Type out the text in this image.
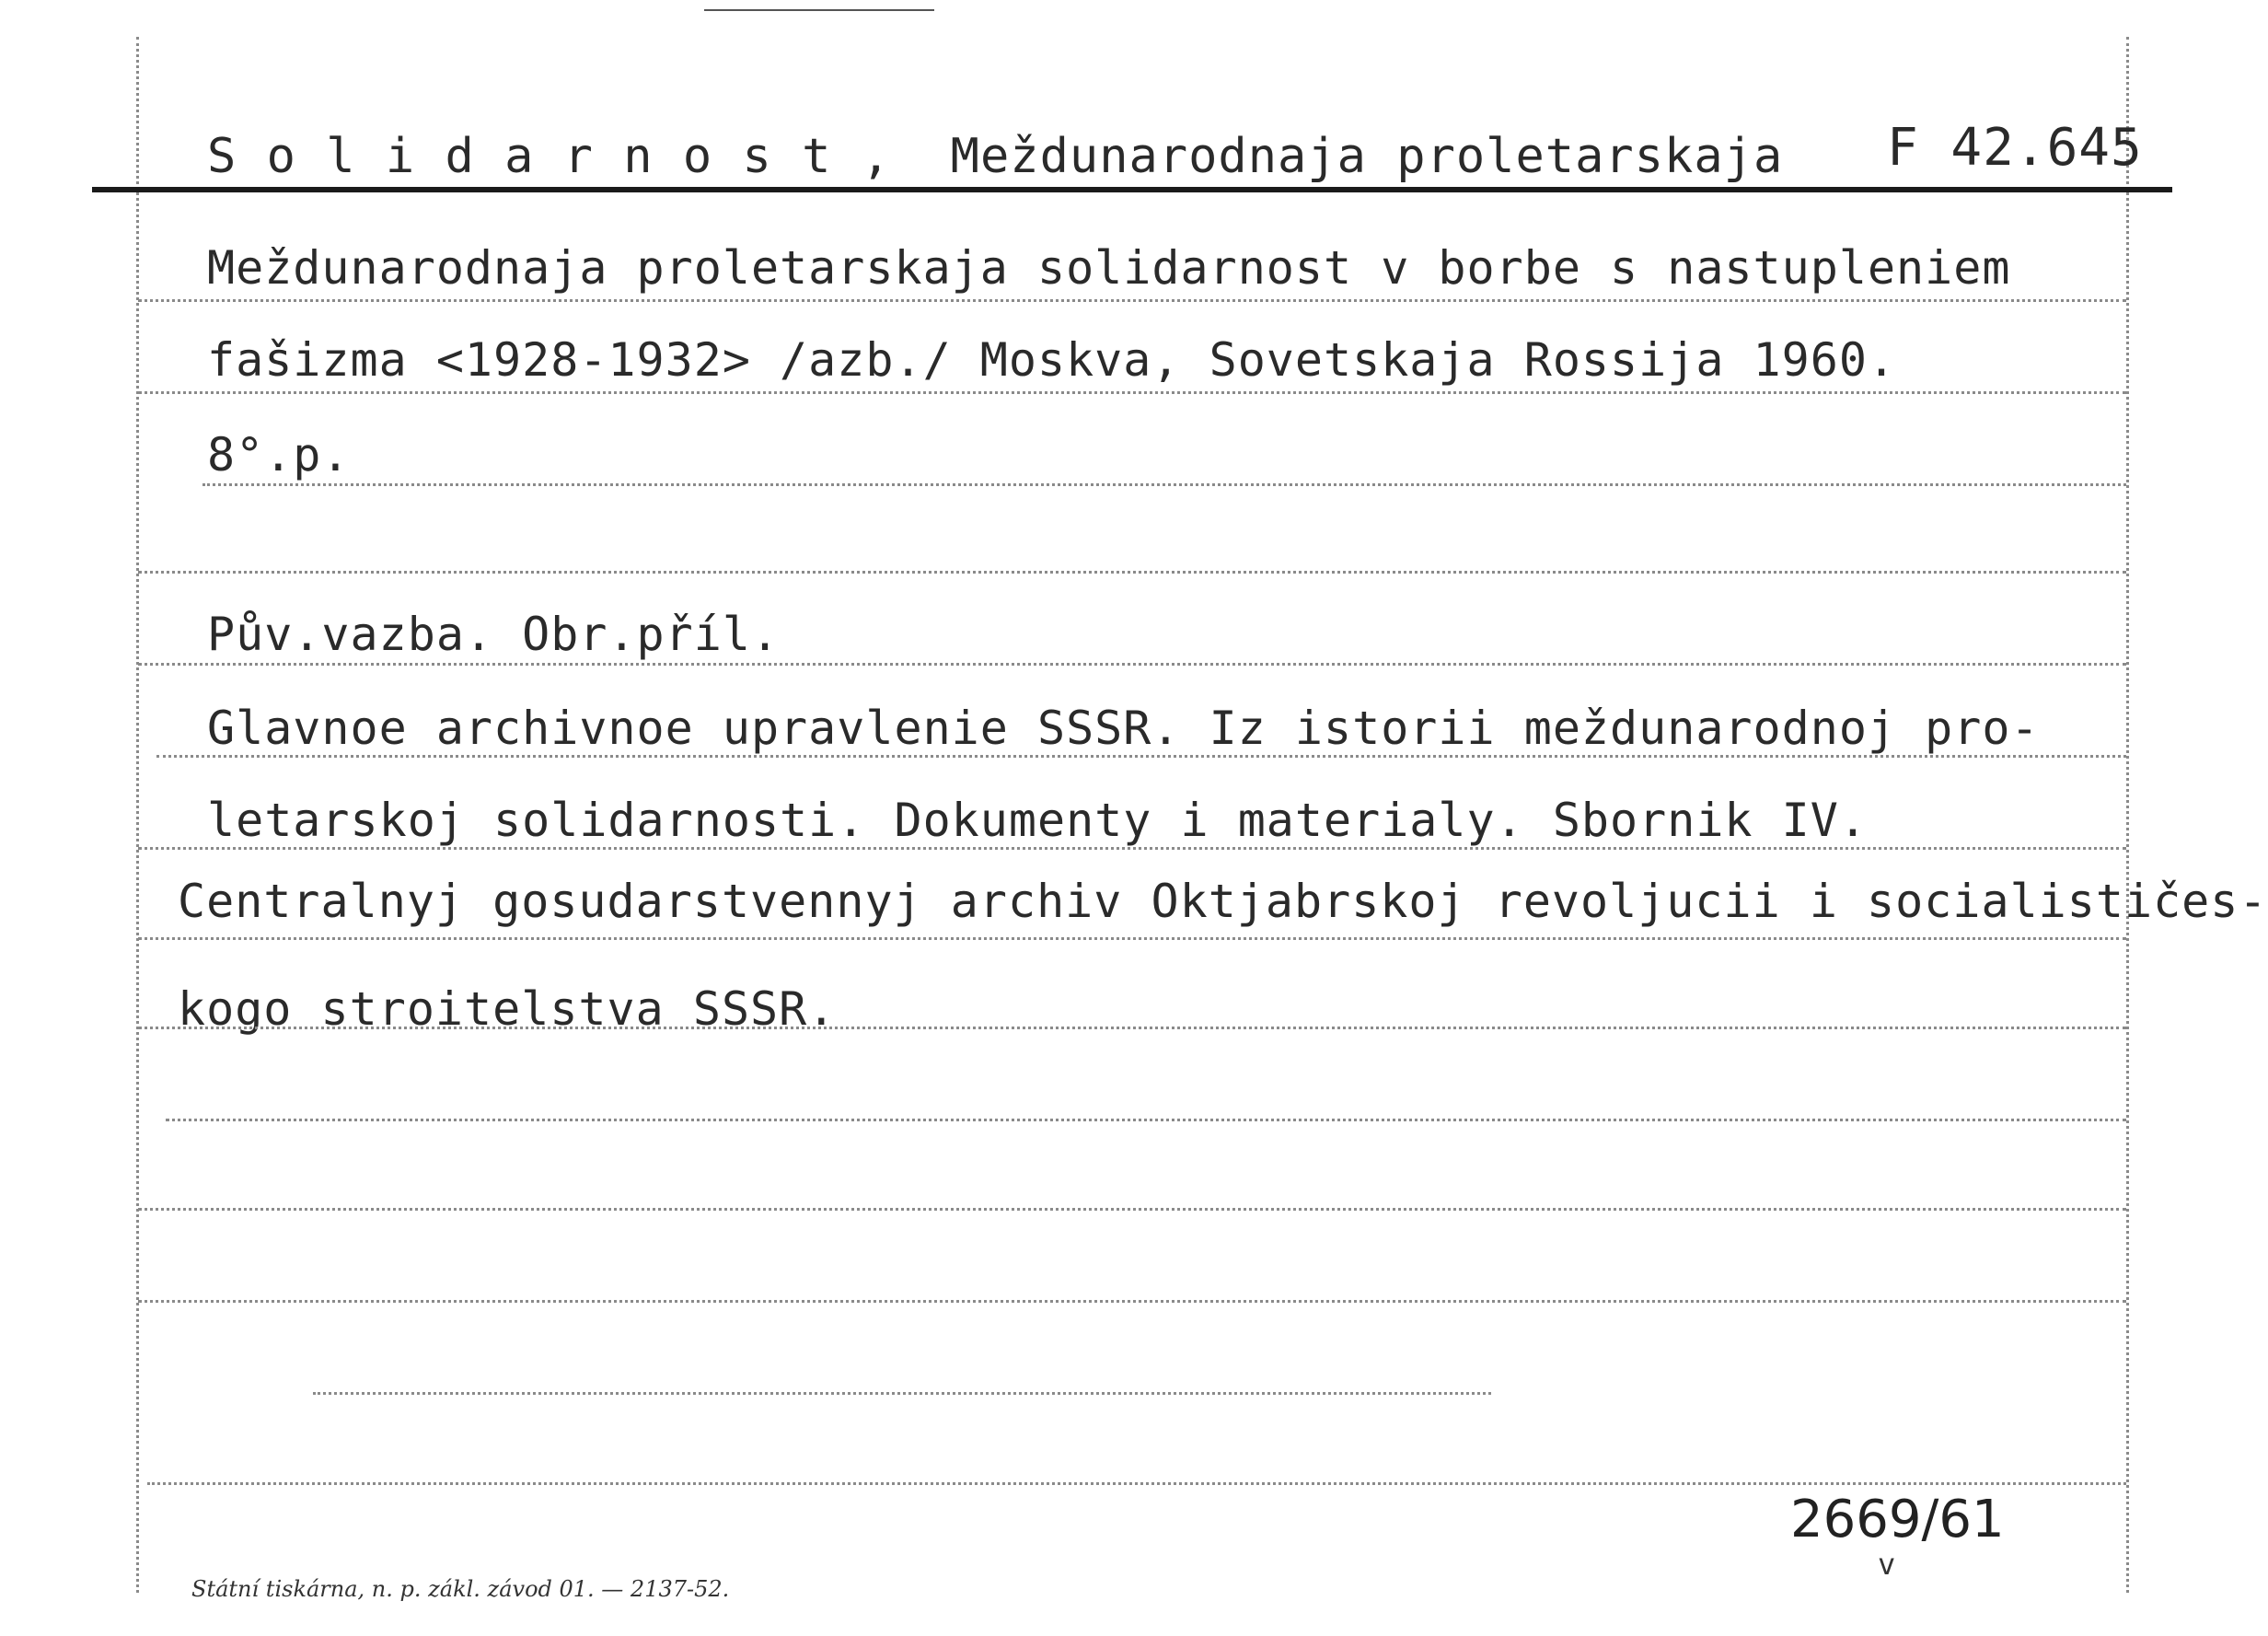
S o l i d a r n o s t ,  Meždunarodnaja proletarskaja F 42.645
Meždunarodnaja proletarskaja solidarnost v borbe s nastupleniem
fašizma <1928-1932> /azb./ Moskva, Sovetskaja Rossija 1960.
8°.p.
Pův.vazba. Obr.příl.
Glavnoe archivnoe upravlenie SSSR. Iz istorii meždunarodnoj pro-
letarskoj solidarnosti. Dokumenty i materialy. Sbornik IV.
Centralnyj gosudarstvennyj archiv Oktjabrskoj revoljucii i socialističes-
kogo stroitelstva SSSR.
2669/61
v
Státní tiskárna, n. p. zákl. závod 01. — 2137-52.
